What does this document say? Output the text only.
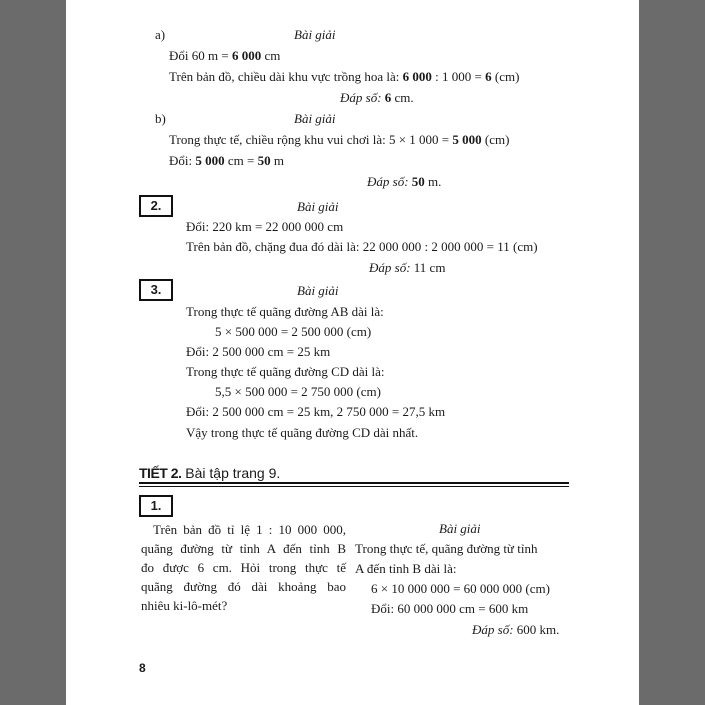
a)	Bài giải
Đổi 60 m = 6 000 cm
Trên bản đồ, chiều dài khu vực trồng hoa là: 6 000 : 1 000 = 6 (cm)
Đáp số: 6 cm.
b)	Bài giải
Trong thực tế, chiều rộng khu vui chơi là: 5 × 1 000 = 5 000 (cm)
Đổi: 5 000 cm = 50 m
Đáp số: 50 m.
2.	Bài giải
Đổi: 220 km = 22 000 000 cm
Trên bản đồ, chặng đua đó dài là: 22 000 000 : 2 000 000 = 11 (cm)
Đáp số: 11 cm
3.	Bài giải
Trong thực tế quãng đường AB dài là:
5 × 500 000 = 2 500 000 (cm)
Đổi: 2 500 000 cm = 25 km
Trong thực tế quãng đường CD dài là:
5,5 × 500 000 = 2 750 000 (cm)
Đổi: 2 500 000 cm = 25 km, 2 750 000 = 27,5 km
Vậy trong thực tế quãng đường CD dài nhất.
TIẾT 2. Bài tập trang 9.
1.
Trên bản đồ tỉ lệ 1 : 10 000 000,
quãng đường từ tỉnh A đến tỉnh B
đo được 6 cm. Hỏi trong thực tế
quãng đường đó dài khoảng bao
nhiêu ki-lô-mét?
Bài giải
Trong thực tế, quãng đường từ tỉnh
A đến tỉnh B dài là:
6 × 10 000 000 = 60 000 000 (cm)
Đổi: 60 000 000 cm = 600 km
Đáp số: 600 km.
8
